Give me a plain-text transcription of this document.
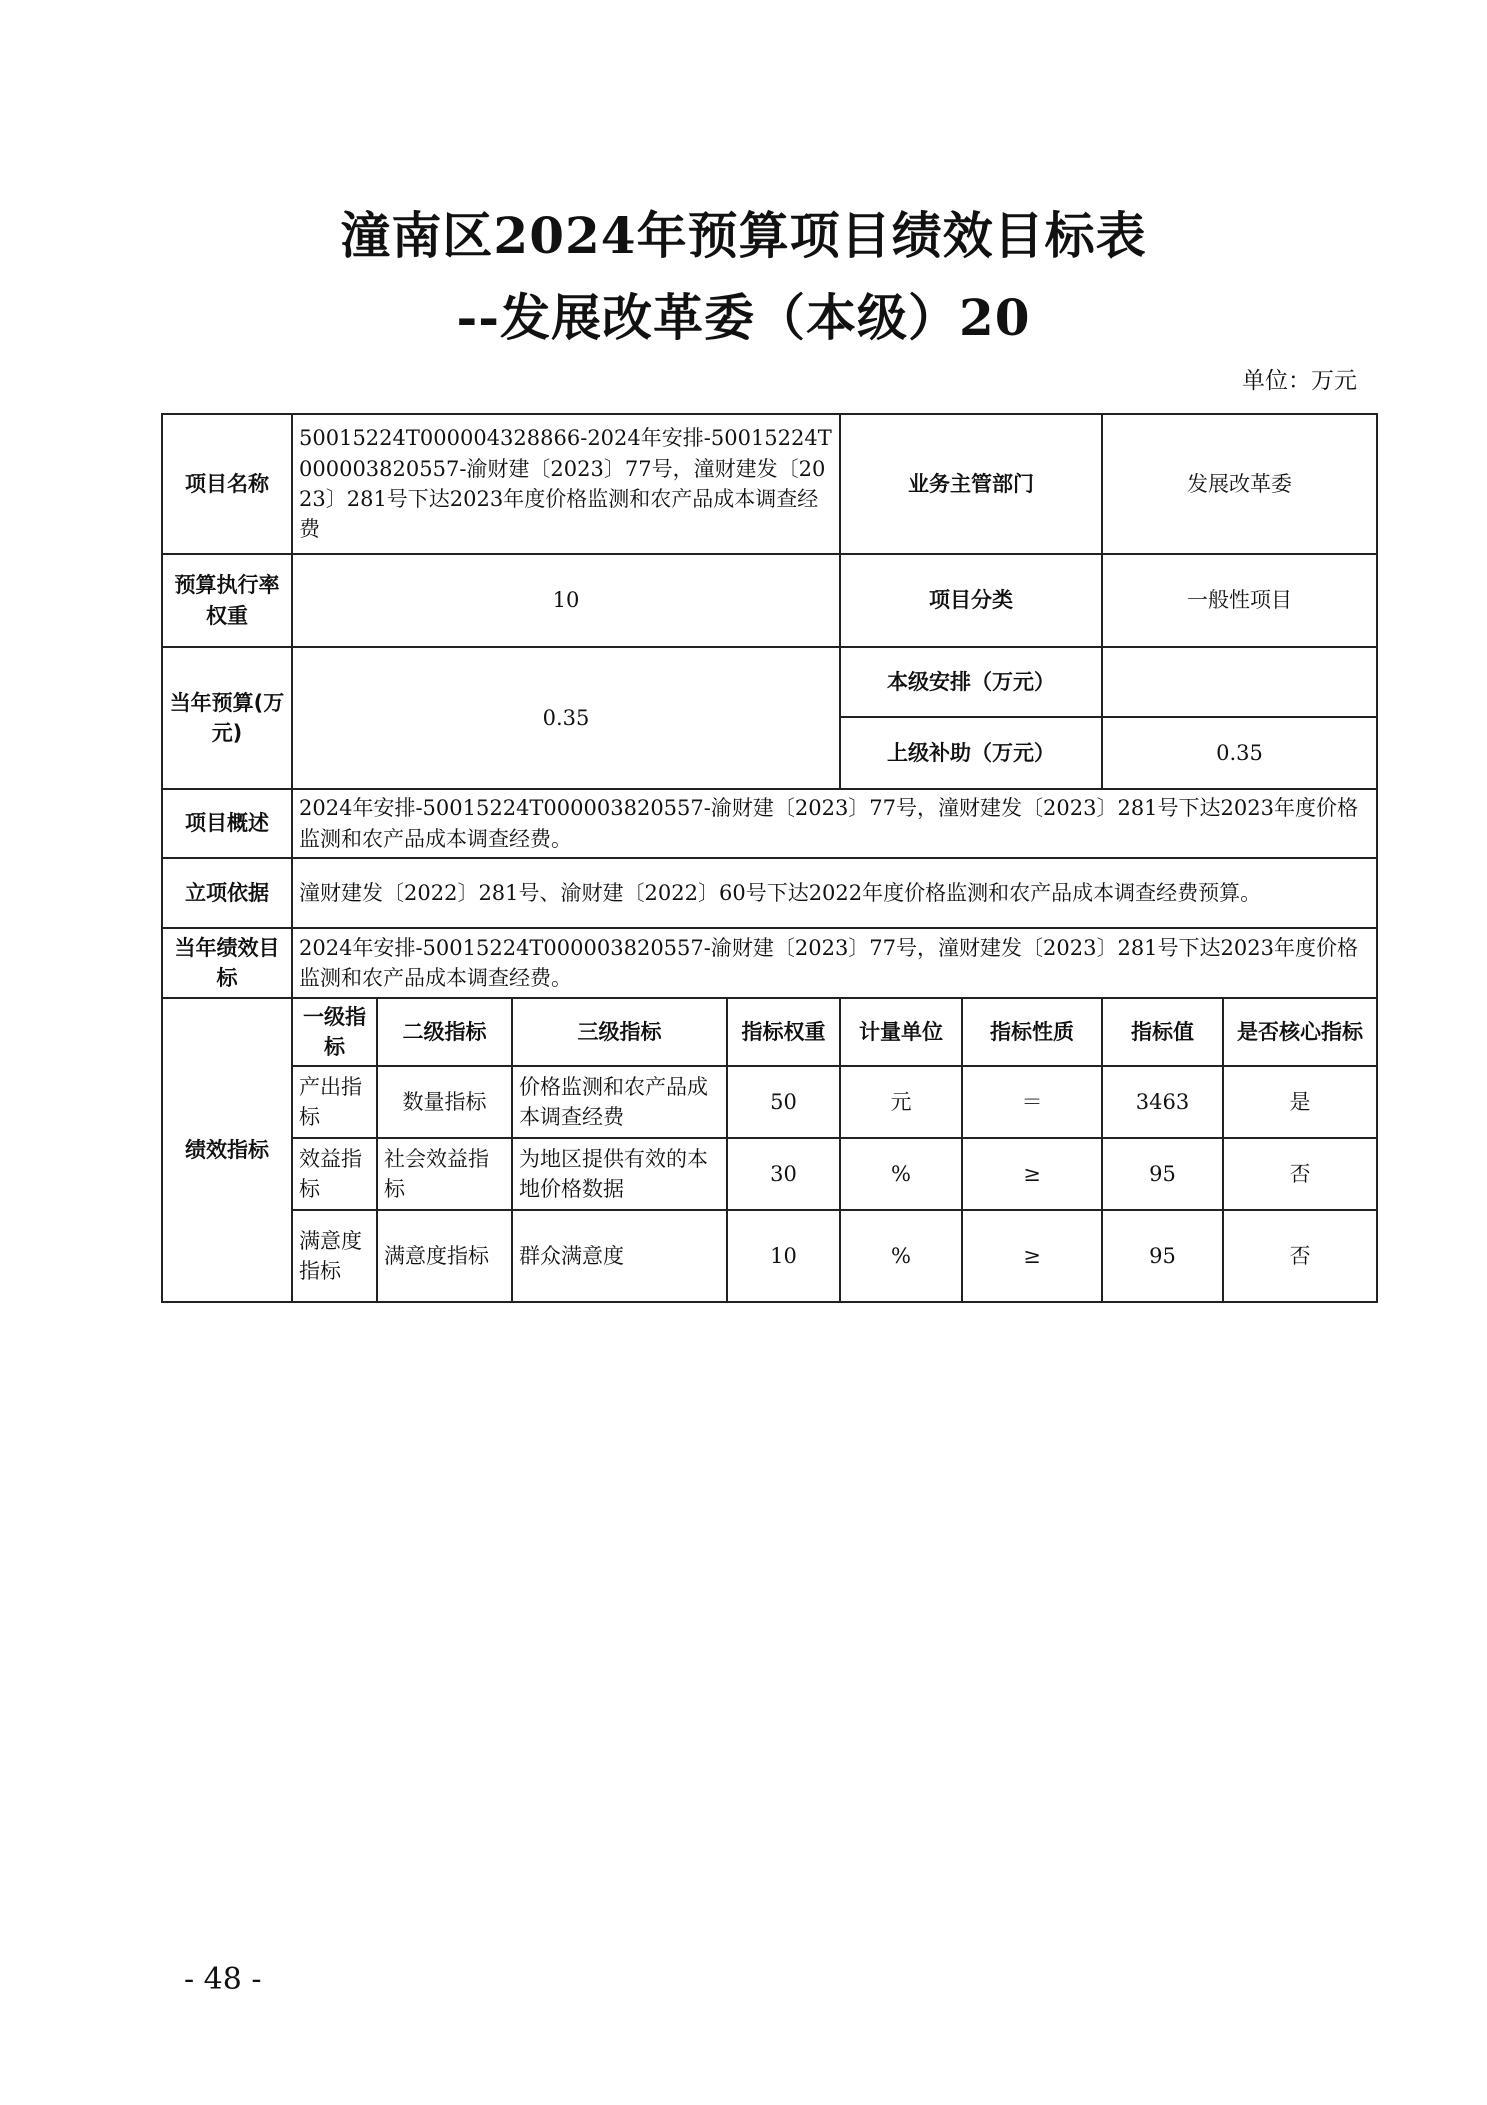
潼南区2024年预算项目绩效目标表
--发展改革委（本级）20
单位：万元
项目名称	50015224T000004328866-2024年安排-50015224T000003820557-渝财建〔2023〕77号，潼财建发〔2023〕281号下达2023年度价格监测和农产品成本调查经费				业务主管部门		发展改革委	
预算执行率权重	10				项目分类		一般性项目	
当年预算(万元)	0.35				本级安排（万元）			
					上级补助（万元）		0.35	
项目概述	2024年安排-50015224T000003820557-渝财建〔2023〕77号，潼财建发〔2023〕281号下达2023年度价格监测和农产品成本调查经费。							
立项依据	潼财建发〔2022〕281号、渝财建〔2022〕60号下达2022年度价格监测和农产品成本调查经费预算。							
当年绩效目标	2024年安排-50015224T000003820557-渝财建〔2023〕77号，潼财建发〔2023〕281号下达2023年度价格监测和农产品成本调查经费。							
绩效指标	一级指标	二级指标	三级指标	指标权重	计量单位	指标性质	指标值	是否核心指标
	产出指标	数量指标	价格监测和农产品成本调查经费	50	元	＝	3463	是
	效益指标	社会效益指标	为地区提供有效的本地价格数据	30	%	≥	95	否
	满意度指标	满意度指标	群众满意度	10	%	≥	95	否
- 48 -
